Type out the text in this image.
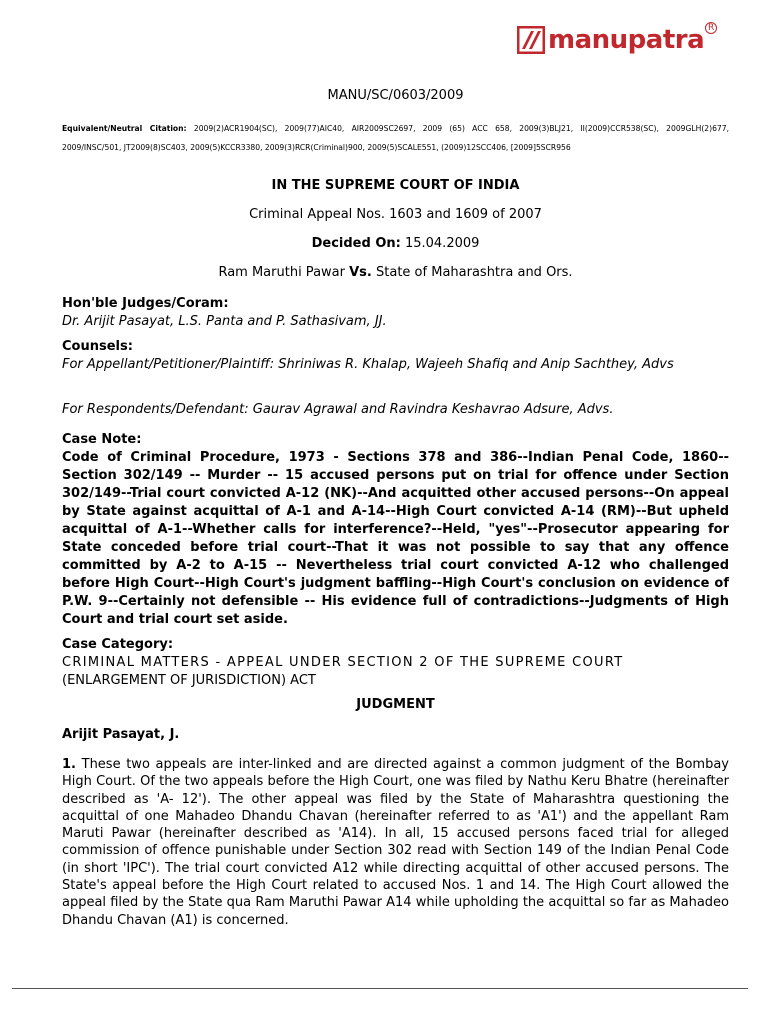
manupatra R
MANU/SC/0603/2009
Equivalent/Neutral Citation: 2009(2)ACR1904(SC), 2009(77)AIC40, AIR2009SC2697, 2009 (65) ACC 658, 2009(3)BLJ21, II(2009)CCR538(SC), 2009GLH(2)677, 2009/INSC/501, JT2009(8)SC403, 2009(5)KCCR3380, 2009(3)RCR(Criminal)900, 2009(5)SCALE551, (2009)12SCC406, [2009]5SCR956
IN THE SUPREME COURT OF INDIA
Criminal Appeal Nos. 1603 and 1609 of 2007
Decided On: 15.04.2009
Ram Maruthi Pawar Vs. State of Maharashtra and Ors.
Hon'ble Judges/Coram:
Dr. Arijit Pasayat, L.S. Panta and P. Sathasivam, JJ.
Counsels:
For Appellant/Petitioner/Plaintiff: Shriniwas R. Khalap, Wajeeh Shafiq and Anip Sachthey, Advs
For Respondents/Defendant: Gaurav Agrawal and Ravindra Keshavrao Adsure, Advs.
Case Note:
Code of Criminal Procedure, 1973 - Sections 378 and 386--Indian Penal Code, 1860--Section 302/149 -- Murder -- 15 accused persons put on trial for offence under Section 302/149--Trial court convicted A-12 (NK)--And acquitted other accused persons--On appeal by State against acquittal of A-1 and A-14--High Court convicted A-14 (RM)--But upheld acquittal of A-1--Whether calls for interference?--Held, "yes"--Prosecutor appearing for State conceded before trial court--That it was not possible to say that any offence committed by A-2 to A-15 -- Nevertheless trial court convicted A-12 who challenged before High Court--High Court's judgment baffling--High Court's conclusion on evidence of P.W. 9--Certainly not defensible -- His evidence full of contradictions--Judgments of High Court and trial court set aside.
Case Category:
CRIMINAL MATTERS - APPEAL UNDER SECTION 2 OF THE SUPREME COURT
(ENLARGEMENT OF JURISDICTION) ACT
JUDGMENT
Arijit Pasayat, J.
1. These two appeals are inter-linked and are directed against a common judgment of the Bombay High Court. Of the two appeals before the High Court, one was filed by Nathu Keru Bhatre (hereinafter described as 'A- 12'). The other appeal was filed by the State of Maharashtra questioning the acquittal of one Mahadeo Dhandu Chavan (hereinafter referred to as 'A1') and the appellant Ram Maruti Pawar (hereinafter described as 'A14). In all, 15 accused persons faced trial for alleged commission of offence punishable under Section 302 read with Section 149 of the Indian Penal Code (in short 'IPC'). The trial court convicted A12 while directing acquittal of other accused persons. The State's appeal before the High Court related to accused Nos. 1 and 14. The High Court allowed the appeal filed by the State qua Ram Maruthi Pawar A14 while upholding the acquittal so far as Mahadeo Dhandu Chavan (A1) is concerned.
